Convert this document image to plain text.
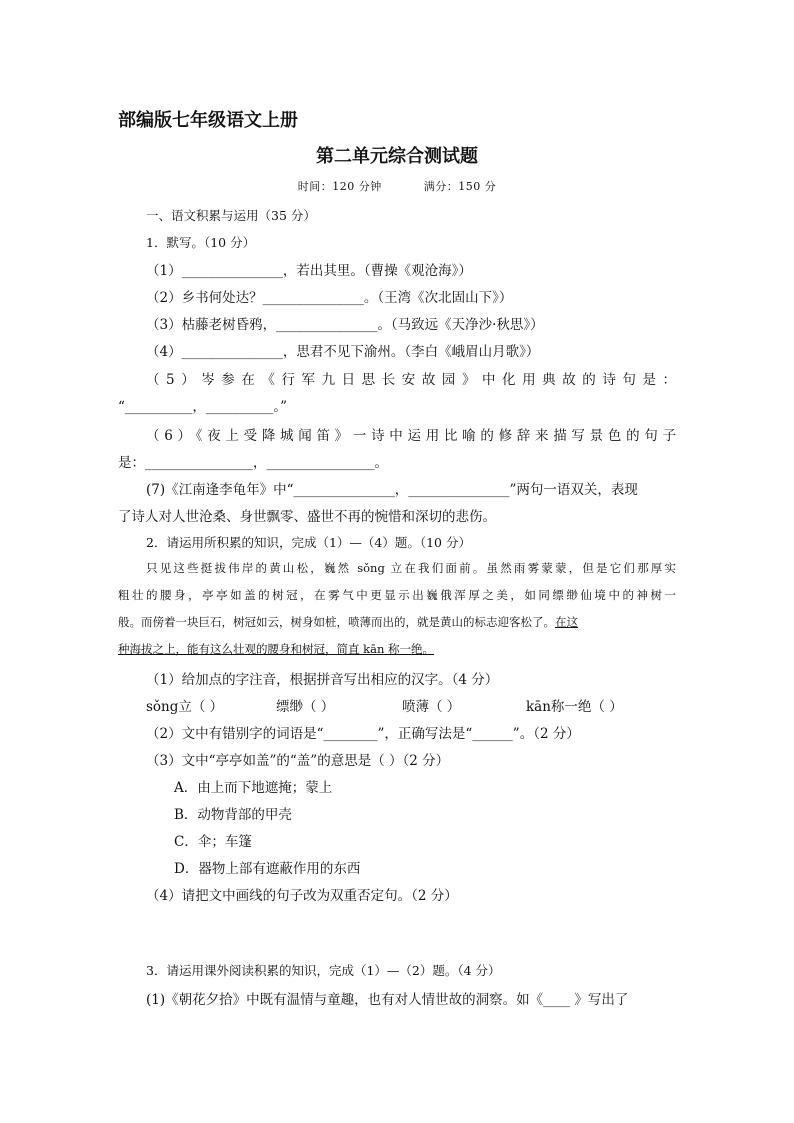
部编版七年级语文上册
第二单元综合测试题
时间：120 分钟	满分：150 分
一、语文积累与运用（35 分）
1．默写。（10 分）
（1）_______________，若出其里。（曹操《观沧海》）
（2）乡书何处达？_______________。（王湾《次北固山下》）
（3）枯藤老树昏鸦，_______________。（马致远《天净沙·秋思》）
（4）_______________，思君不见下渝州。（李白《峨眉山月歌》）
（5）岑参在《行军九日思长安故园》中化用典故的诗句是：
“__________，__________。”
（6）《夜上受降城闻笛》一诗中运用比喻的修辞来描写景色的句子
是：________________，________________。
(7)《江南逢李龟年》中“_______________，_______________”两句一语双关，表现
了诗人对人世沧桑、身世飘零、盛世不再的惋惜和深切的悲伤。
2．请运用所积累的知识，完成（1）—（4）题。（10 分）
只见这些挺拔伟岸的黄山松，巍然 sǒng 立在我们面前。虽然雨雾蒙蒙，但是它们那厚实
粗壮的腰身，亭亭如盖的树冠，在雾气中更显示出巍俄浑厚之美，如同缥缈仙境中的神树一
般。而傍着一块巨石，树冠如云，树身如桩，喷薄而出的，就是黄山的标志迎客松了。在这
种海拔之上，能有这么壮观的腰身和树冠，简直 kān 称一绝。
（1）给加点的字注音，根据拼音写出相应的汉字。（4 分）
sǒng立（ ）	缥缈（ ）	喷薄（ ）	kān称一绝（ ）
（2）文中有错别字的词语是“________”，正确写法是“______”。（2 分）
（3）文中“亭亭如盖”的“盖”的意思是（ ）（2 分）
A．由上而下地遮掩；蒙上
B．动物背部的甲壳
C．伞；车篷
D．器物上部有遮蔽作用的东西
（4）请把文中画线的句子改为双重否定句。（2 分）
3．请运用课外阅读积累的知识，完成（1）—（2）题。（4 分）
(1)《朝花夕拾》中既有温情与童趣，也有对人情世故的洞察。如《____ 》写出了
